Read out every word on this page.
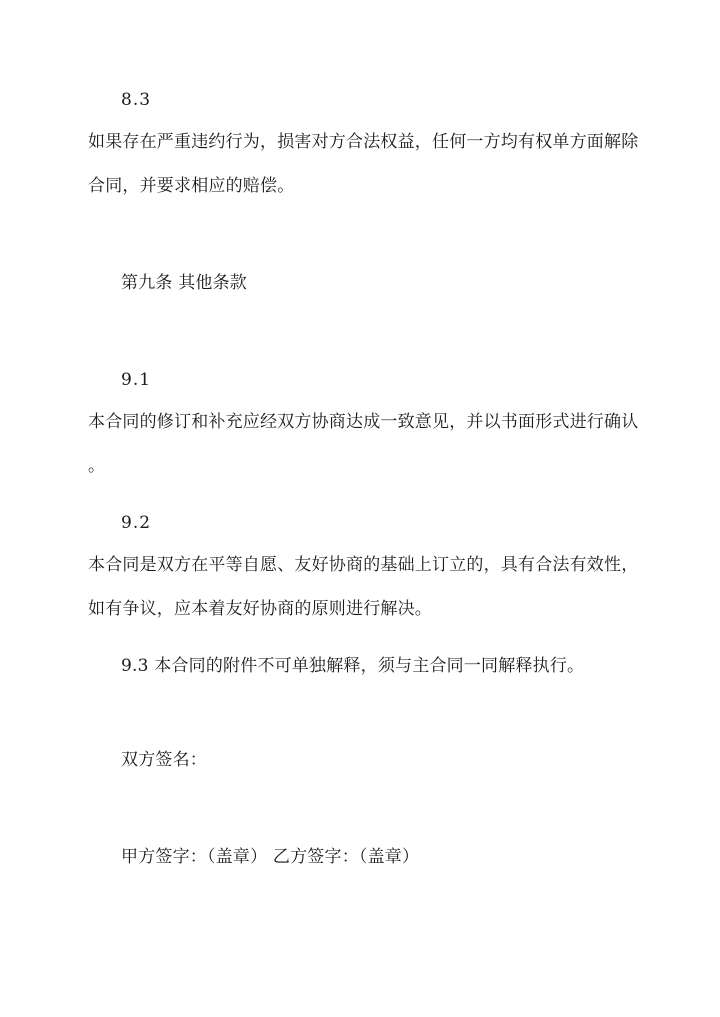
8.3
如果存在严重违约行为，损害对方合法权益，任何一方均有权单方面解除
合同，并要求相应的赔偿。
第九条 其他条款
9.1
本合同的修订和补充应经双方协商达成一致意见，并以书面形式进行确认
。
9.2
本合同是双方在平等自愿、友好协商的基础上订立的，具有合法有效性，
如有争议，应本着友好协商的原则进行解决。
9.3 本合同的附件不可单独解释，须与主合同一同解释执行。
双方签名：
甲方签字：（盖章） 乙方签字：（盖章）
